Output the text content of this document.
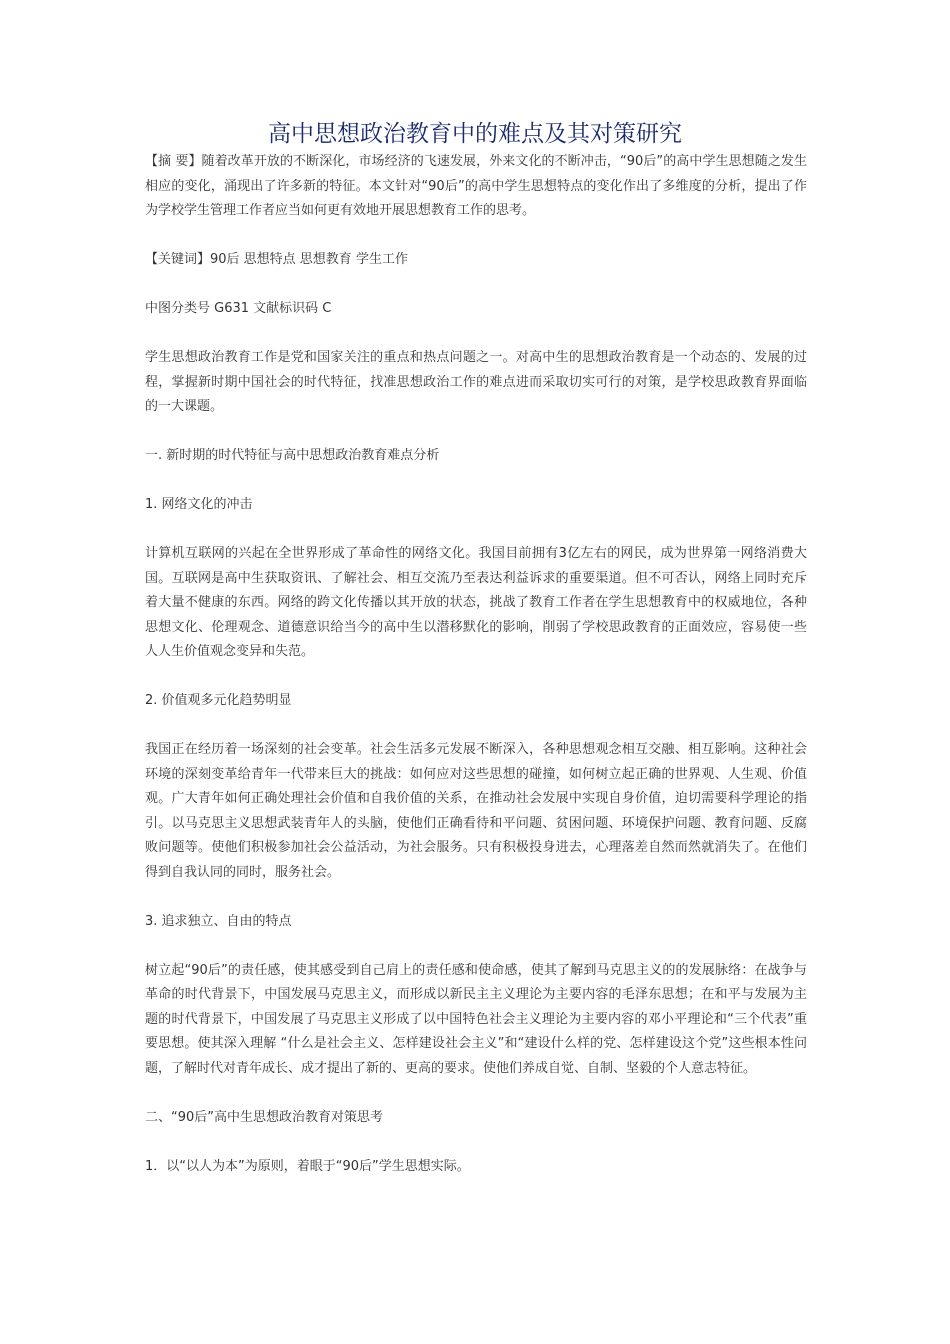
高中思想政治教育中的难点及其对策研究

【摘 要】随着改革开放的不断深化，市场经济的飞速发展，外来文化的不断冲击，“90后”的高中学生思想随之发生相应的变化，涌现出了许多新的特征。本文针对“90后”的高中学生思想特点的变化作出了多维度的分析，提出了作为学校学生管理工作者应当如何更有效地开展思想教育工作的思考。

【关键词】90后 思想特点 思想教育 学生工作

中图分类号 G631 文献标识码 C

学生思想政治教育工作是党和国家关注的重点和热点问题之一。对高中生的思想政治教育是一个动态的、发展的过程，掌握新时期中国社会的时代特征，找准思想政治工作的难点进而采取切实可行的对策，是学校思政教育界面临的一大课题。

一. 新时期的时代特征与高中思想政治教育难点分析

1. 网络文化的冲击

计算机互联网的兴起在全世界形成了革命性的网络文化。我国目前拥有3亿左右的网民，成为世界第一网络消费大国。互联网是高中生获取资讯、了解社会、相互交流乃至表达利益诉求的重要渠道。但不可否认，网络上同时充斥着大量不健康的东西。网络的跨文化传播以其开放的状态，挑战了教育工作者在学生思想教育中的权威地位，各种思想文化、伦理观念、道德意识给当今的高中生以潜移默化的影响，削弱了学校思政教育的正面效应，容易使一些人人生价值观念变异和失范。

2. 价值观多元化趋势明显

我国正在经历着一场深刻的社会变革。社会生活多元发展不断深入，各种思想观念相互交融、相互影响。这种社会环境的深刻变革给青年一代带来巨大的挑战：如何应对这些思想的碰撞，如何树立起正确的世界观、人生观、价值观。广大青年如何正确处理社会价值和自我价值的关系，在推动社会发展中实现自身价值，迫切需要科学理论的指引。以马克思主义思想武装青年人的头脑，使他们正确看待和平问题、贫困问题、环境保护问题、教育问题、反腐败问题等。使他们积极参加社会公益活动，为社会服务。只有积极投身进去，心理落差自然而然就消失了。在他们得到自我认同的同时，服务社会。

3. 追求独立、自由的特点

树立起“90后”的责任感，使其感受到自己肩上的责任感和使命感，使其了解到马克思主义的的发展脉络：在战争与革命的时代背景下，中国发展马克思主义，而形成以新民主主义理论为主要内容的毛泽东思想；在和平与发展为主题的时代背景下，中国发展了马克思主义形成了以中国特色社会主义理论为主要内容的邓小平理论和“三个代表”重要思想。使其深入理解 “什么是社会主义、怎样建设社会主义”和“建设什么样的党、怎样建设这个党”这些根本性问题，了解时代对青年成长、成才提出了新的、更高的要求。使他们养成自觉、自制、坚毅的个人意志特征。

二、“90后”高中生思想政治教育对策思考

1．以“以人为本”为原则，着眼于“90后”学生思想实际。
